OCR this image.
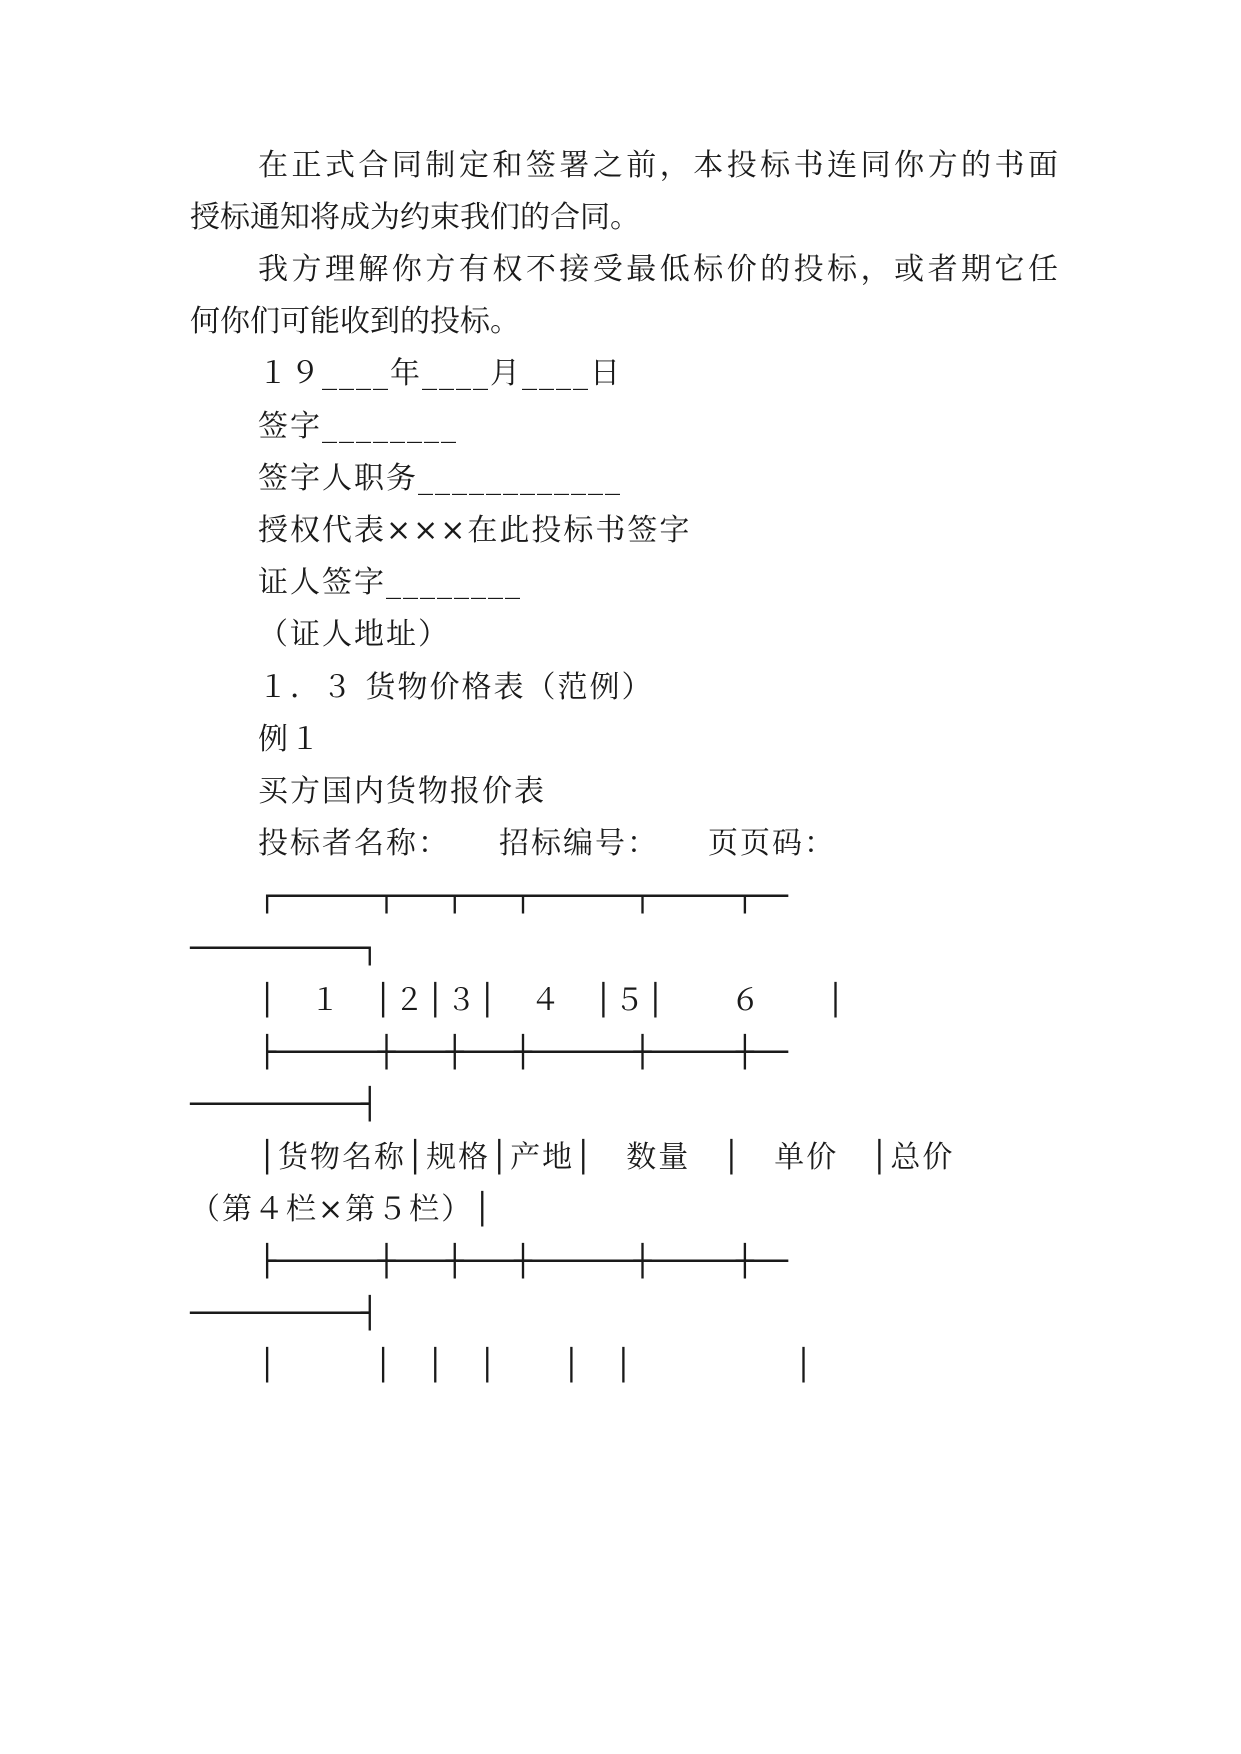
在正式合同制定和签署之前，本投标书连同你方的书面
授标通知将成为约束我们的合同。
我方理解你方有权不接受最低标价的投标，或者期它任
何你们可能收到的投标。
１９____年____月____日
签字________
签字人职务____________
授权代表×××在此投标书签字
证人签字________
（证人地址）
１．３ 货物价格表（范例）
例１
买方国内货物报价表
投标者名称：　　招标编号：　　页页码：
┌──────┬───┬───┬──────┬─────┬──
──────────┐
│　１　│２│３│　４　│５│　　６　　│
├──────┼───┼───┼──────┼─────┼──
──────────┤
│货物名称│规格│产地│　数量　│　单价　│总价
（第４栏×第５栏）│
├──────┼───┼───┼──────┼─────┼──
──────────┤
│　　　│　│　│　　│　│　　　　　│
